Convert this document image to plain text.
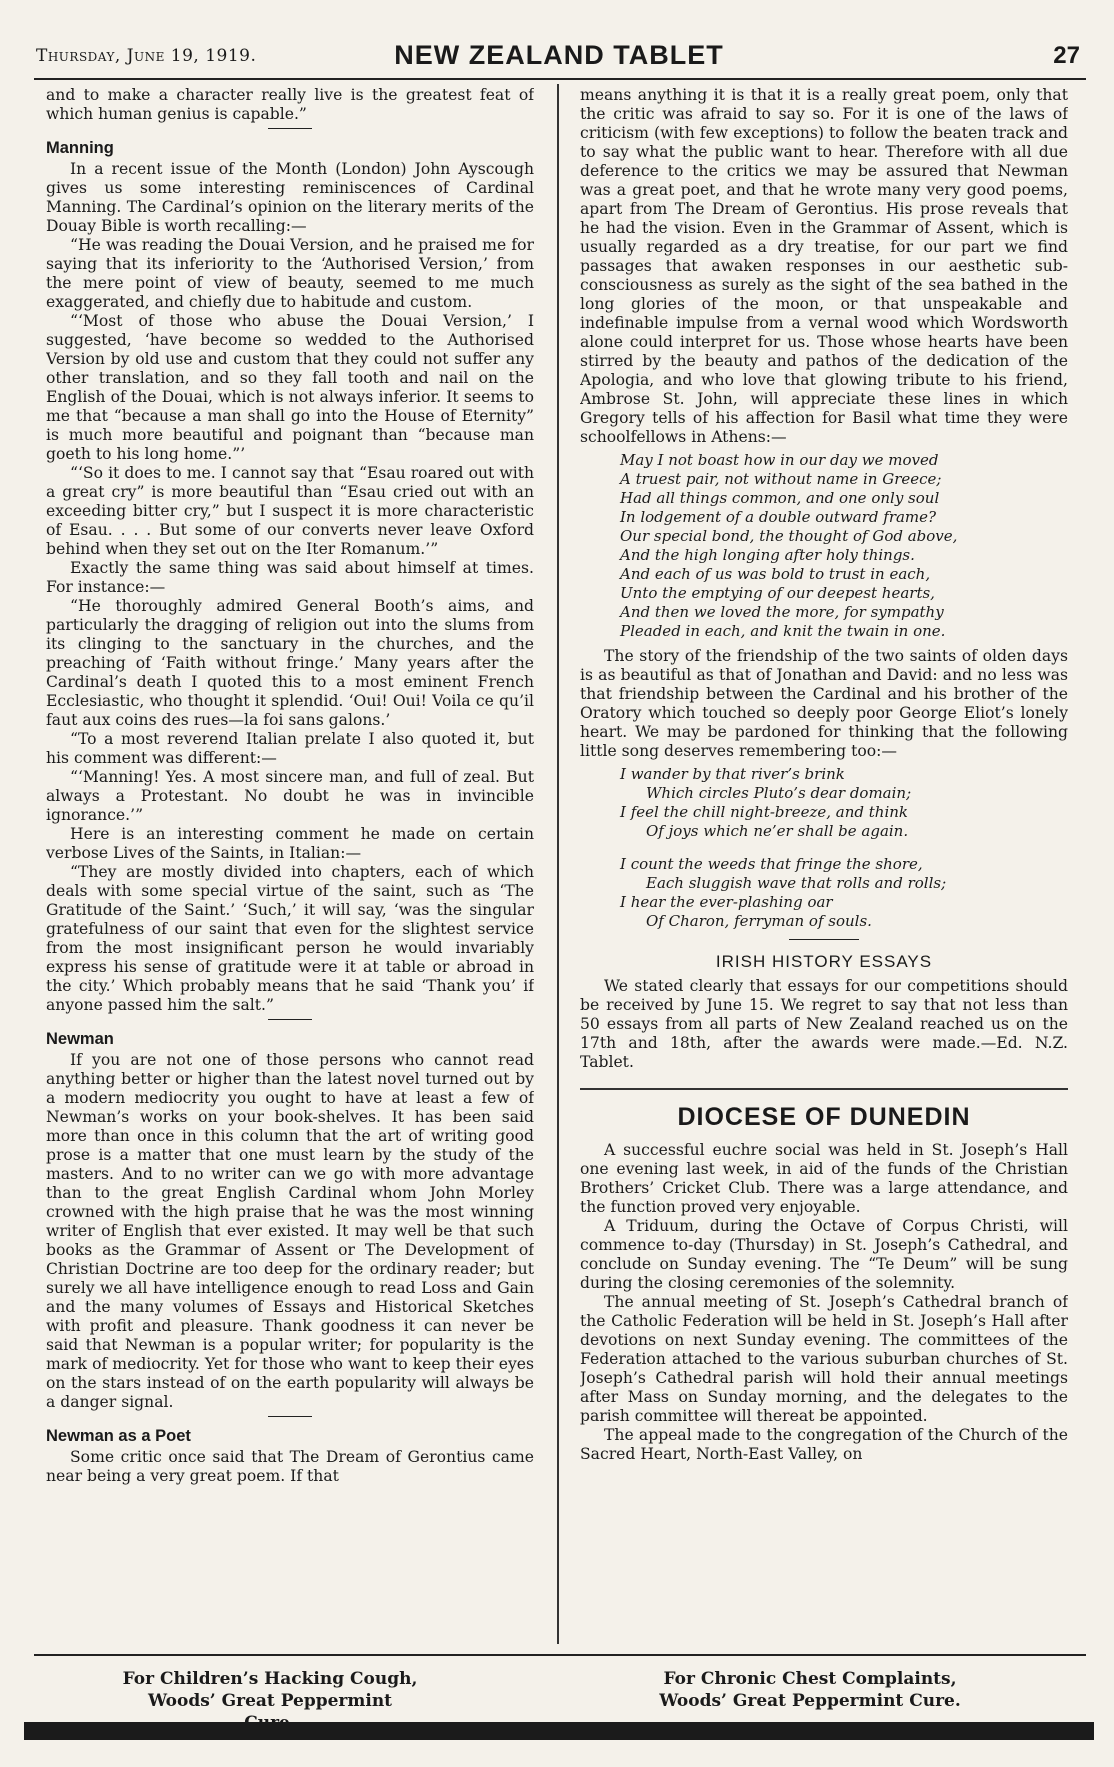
Thursday, June 19, 1919.	NEW ZEALAND TABLET	27

and to make a character really live is the greatest feat of which human genius is capable.”

Manning

In a recent issue of the Month (London) John Ayscough gives us some interesting reminiscences of Cardinal Manning. The Cardinal’s opinion on the literary merits of the Douay Bible is worth recalling:—

“He was reading the Douai Version, and he praised me for saying that its inferiority to the ‘Authorised Version,’ from the mere point of view of beauty, seemed to me much exaggerated, and chiefly due to habitude and custom.

“‘Most of those who abuse the Douai Version,’ I suggested, ‘have become so wedded to the Authorised Version by old use and custom that they could not suffer any other translation, and so they fall tooth and nail on the English of the Douai, which is not always inferior. It seems to me that “because a man shall go into the House of Eternity” is much more beautiful and poignant than “because man goeth to his long home.”’

“‘So it does to me. I cannot say that “Esau roared out with a great cry” is more beautiful than “Esau cried out with an exceeding bitter cry,” but I suspect it is more characteristic of Esau. . . . But some of our converts never leave Oxford behind when they set out on the Iter Romanum.’”

Exactly the same thing was said about himself at times. For instance:—

“He thoroughly admired General Booth’s aims, and particularly the dragging of religion out into the slums from its clinging to the sanctuary in the churches, and the preaching of ‘Faith without fringe.’ Many years after the Cardinal’s death I quoted this to a most eminent French Ecclesiastic, who thought it splendid. ‘Oui! Oui! Voila ce qu’il faut aux coins des rues—la foi sans galons.’

“To a most reverend Italian prelate I also quoted it, but his comment was different:—

“‘Manning! Yes. A most sincere man, and full of zeal. But always a Protestant. No doubt he was in invincible ignorance.’”

Here is an interesting comment he made on certain verbose Lives of the Saints, in Italian:—

“They are mostly divided into chapters, each of which deals with some special virtue of the saint, such as ‘The Gratitude of the Saint.’ ‘Such,’ it will say, ‘was the singular gratefulness of our saint that even for the slightest service from the most insignificant person he would invariably express his sense of gratitude were it at table or abroad in the city.’ Which probably means that he said ‘Thank you’ if anyone passed him the salt.”

Newman

If you are not one of those persons who cannot read anything better or higher than the latest novel turned out by a modern mediocrity you ought to have at least a few of Newman’s works on your book-shelves. It has been said more than once in this column that the art of writing good prose is a matter that one must learn by the study of the masters. And to no writer can we go with more advantage than to the great English Cardinal whom John Morley crowned with the high praise that he was the most winning writer of English that ever existed. It may well be that such books as the Grammar of Assent or The Development of Christian Doctrine are too deep for the ordinary reader; but surely we all have intelligence enough to read Loss and Gain and the many volumes of Essays and Historical Sketches with profit and pleasure. Thank goodness it can never be said that Newman is a popular writer; for popularity is the mark of mediocrity. Yet for those who want to keep their eyes on the stars instead of on the earth popularity will always be a danger signal.

Newman as a Poet

Some critic once said that The Dream of Gerontius came near being a very great poem. If that

means anything it is that it is a really great poem, only that the critic was afraid to say so. For it is one of the laws of criticism (with few exceptions) to follow the beaten track and to say what the public want to hear. Therefore with all due deference to the critics we may be assured that Newman was a great poet, and that he wrote many very good poems, apart from The Dream of Gerontius. His prose reveals that he had the vision. Even in the Grammar of Assent, which is usually regarded as a dry treatise, for our part we find passages that awaken responses in our aesthetic sub-consciousness as surely as the sight of the sea bathed in the long glories of the moon, or that unspeakable and indefinable impulse from a vernal wood which Wordsworth alone could interpret for us. Those whose hearts have been stirred by the beauty and pathos of the dedication of the Apologia, and who love that glowing tribute to his friend, Ambrose St. John, will appreciate these lines in which Gregory tells of his affection for Basil what time they were schoolfellows in Athens:—

May I not boast how in our day we moved
A truest pair, not without name in Greece;
Had all things common, and one only soul
In lodgement of a double outward frame?
Our special bond, the thought of God above,
And the high longing after holy things.
And each of us was bold to trust in each,
Unto the emptying of our deepest hearts,
And then we loved the more, for sympathy
Pleaded in each, and knit the twain in one.

The story of the friendship of the two saints of olden days is as beautiful as that of Jonathan and David: and no less was that friendship between the Cardinal and his brother of the Oratory which touched so deeply poor George Eliot’s lonely heart. We may be pardoned for thinking that the following little song deserves remembering too:—

I wander by that river’s brink
Which circles Pluto’s dear domain;
I feel the chill night-breeze, and think
Of joys which ne’er shall be again.
I count the weeds that fringe the shore,
Each sluggish wave that rolls and rolls;
I hear the ever-plashing oar
Of Charon, ferryman of souls.
IRISH HISTORY ESSAYS

We stated clearly that essays for our competitions should be received by June 15. We regret to say that not less than 50 essays from all parts of New Zealand reached us on the 17th and 18th, after the awards were made.—Ed. N.Z. Tablet.

DIOCESE OF DUNEDIN

A successful euchre social was held in St. Joseph’s Hall one evening last week, in aid of the funds of the Christian Brothers’ Cricket Club. There was a large attendance, and the function proved very enjoyable.

A Triduum, during the Octave of Corpus Christi, will commence to-day (Thursday) in St. Joseph’s Cathedral, and conclude on Sunday evening. The “Te Deum” will be sung during the closing ceremonies of the solemnity.

The annual meeting of St. Joseph’s Cathedral branch of the Catholic Federation will be held in St. Joseph’s Hall after devotions on next Sunday evening. The committees of the Federation attached to the various suburban churches of St. Joseph’s Cathedral parish will hold their annual meetings after Mass on Sunday morning, and the delegates to the parish committee will thereat be appointed.

The appeal made to the congregation of the Church of the Sacred Heart, North-East Valley, on

For Children’s Hacking Cough,
Woods’ Great Peppermint
For Chronic Chest Complaints,
Woods’ Great Peppermint Cure.
